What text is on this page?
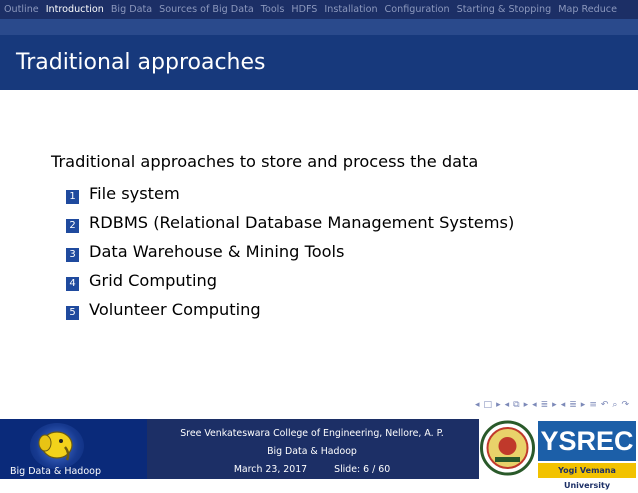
Outline Introduction Big Data Sources of Big Data Tools HDFS Installation Configuration Starting & Stopping Map Reduce
Traditional approaches

Traditional approaches to store and process the data

1 File system
2 RDBMS (Relational Database Management Systems)
3 Data Warehouse & Mining Tools
4 Grid Computing
5 Volunteer Computing
◂ □ ▸ ◂ ⧉ ▸ ◂ ≣ ▸ ◂ ≣ ▸ ≡ ↶ ⌕ ↷
Big Data & Hadoop
Sree Venkateswara College of Engineering, Nellore, A. P.
Big Data & Hadoop
March 23, 2017	Slide: 6 / 60
YSREC
Yogi Vemana University
